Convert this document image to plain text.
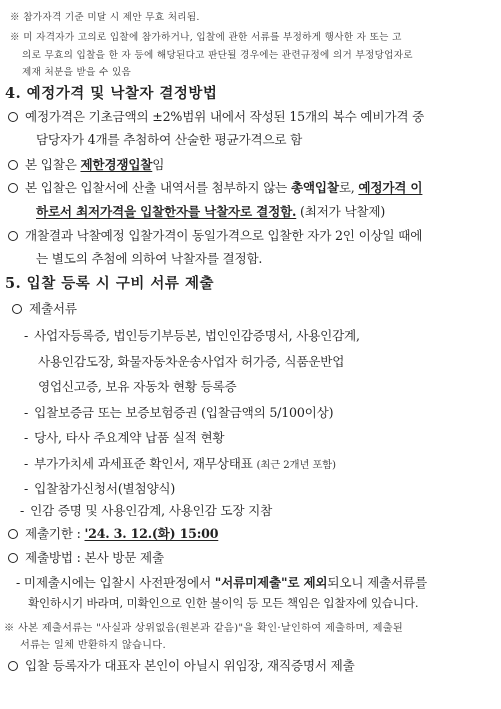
※ 참가자격 기준 미달 시 제안 무효 처리됨.
※ 미 자격자가 고의로 입찰에 참가하거나, 입찰에 관한 서류를 부정하게 행사한 자 또는 고
의로 무효의 입찰을 한 자 등에 해당된다고 판단될 경우에는 관련규정에 의거 부정당업자로
제재 처분을 받을 수 있음
4. 예정가격 및 낙찰자 결정방법
예정가격은 기초금액의 ±2%범위 내에서 작성된 15개의 복수 예비가격 중
담당자가 4개를 추첨하여 산술한 평균가격으로 함
본 입찰은 제한경쟁입찰임
본 입찰은 입찰서에 산출 내역서를 첨부하지 않는 총액입찰로, 예정가격 이
하로서 최저가격을 입찰한자를 낙찰자로 결정함. (최저가 낙찰제)
개찰결과 낙찰예정 입찰가격이 동일가격으로 입찰한 자가 2인 이상일 때에
는 별도의 추첨에 의하여 낙찰자를 결정함.
5. 입찰 등록 시 구비 서류 제출
제출서류
- 사업자등록증, 법인등기부등본, 법인인감증명서, 사용인감계,
사용인감도장, 화물자동차운송사업자 허가증, 식품운반업
영업신고증, 보유 자동차 현황 등록증
- 입찰보증금 또는 보증보험증권 (입찰금액의 5/100이상)
- 당사, 타사 주요계약 납품 실적 현황
- 부가가치세 과세표준 확인서, 재무상태표 (최근 2개년 포함)
- 입찰참가신청서(별첨양식)
- 인감 증명 및 사용인감계, 사용인감 도장 지참
제출기한 : '24. 3. 12.(화) 15:00
제출방법 : 본사 방문 제출
- 미제출시에는 입찰시 사전판정에서 "서류미제출"로 제외되오니 제출서류를
확인하시기 바라며, 미확인으로 인한 불이익 등 모든 책임은 입찰자에 있습니다.
※ 사본 제출서류는 "사실과 상위없음(원본과 같음)"을 확인·날인하여 제출하며, 제출된
서류는 일체 반환하지 않습니다.
입찰 등록자가 대표자 본인이 아닐시 위임장, 재직증명서 제출
